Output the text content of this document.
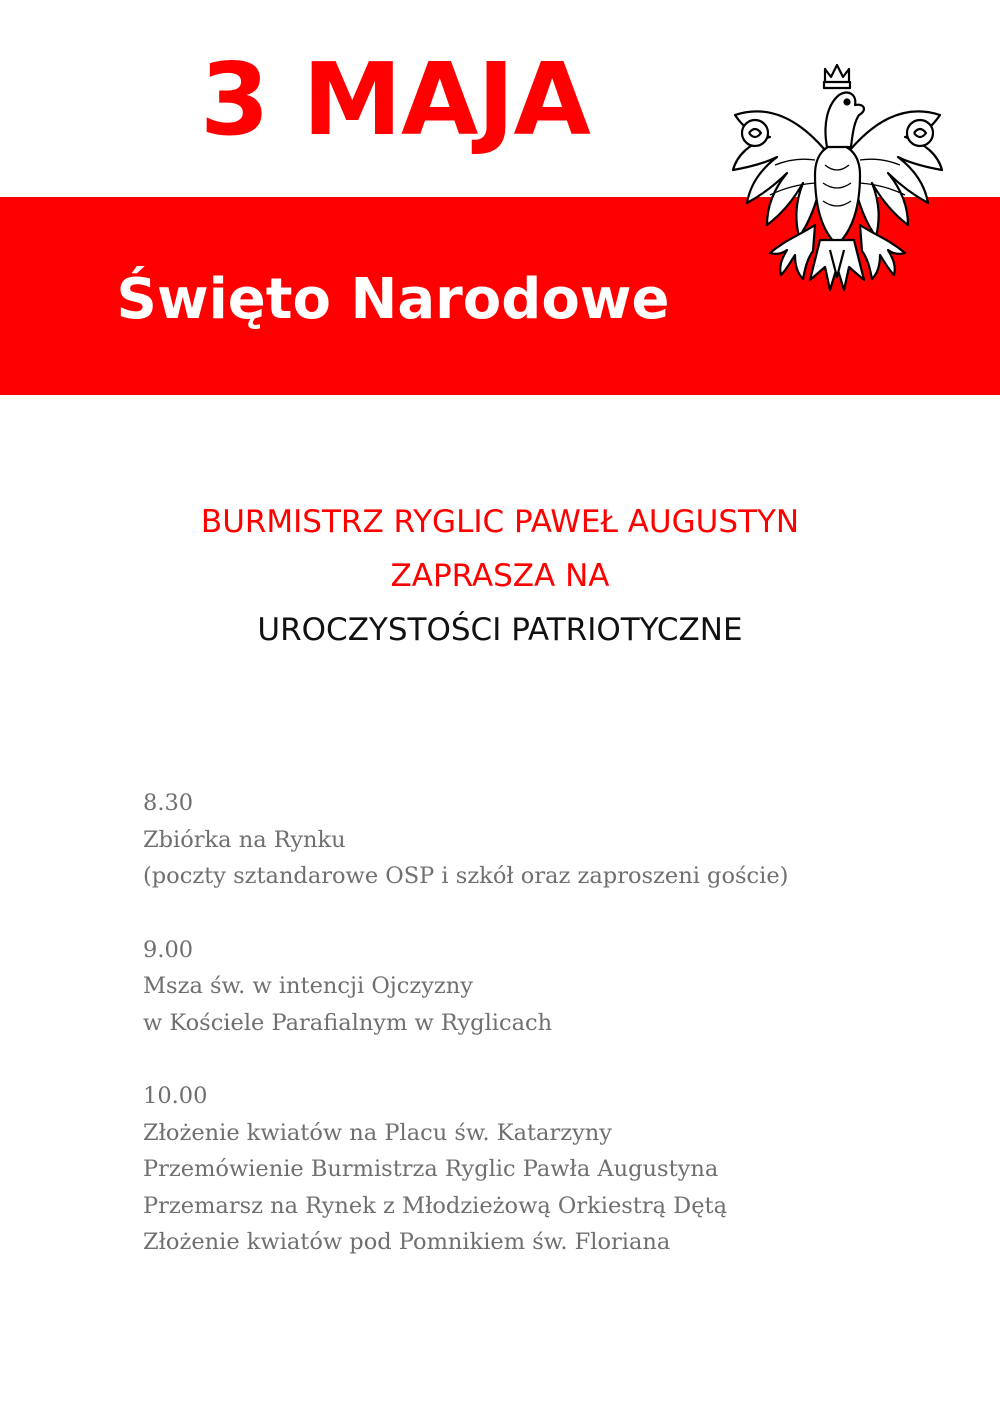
3 MAJA
Święto Narodowe
BURMISTRZ RYGLIC PAWEŁ AUGUSTYN
ZAPRASZA NA
UROCZYSTOŚCI PATRIOTYCZNE
8.30
Zbiórka na Rynku
(poczty sztandarowe OSP i szkół oraz zaproszeni goście)
9.00
Msza św. w intencji Ojczyzny
w Kościele Parafialnym w Ryglicach
10.00
Złożenie kwiatów na Placu św. Katarzyny
Przemówienie Burmistrza Ryglic Pawła Augustyna
Przemarsz na Rynek z Młodzieżową Orkiestrą Dętą
Złożenie kwiatów pod Pomnikiem św. Floriana
